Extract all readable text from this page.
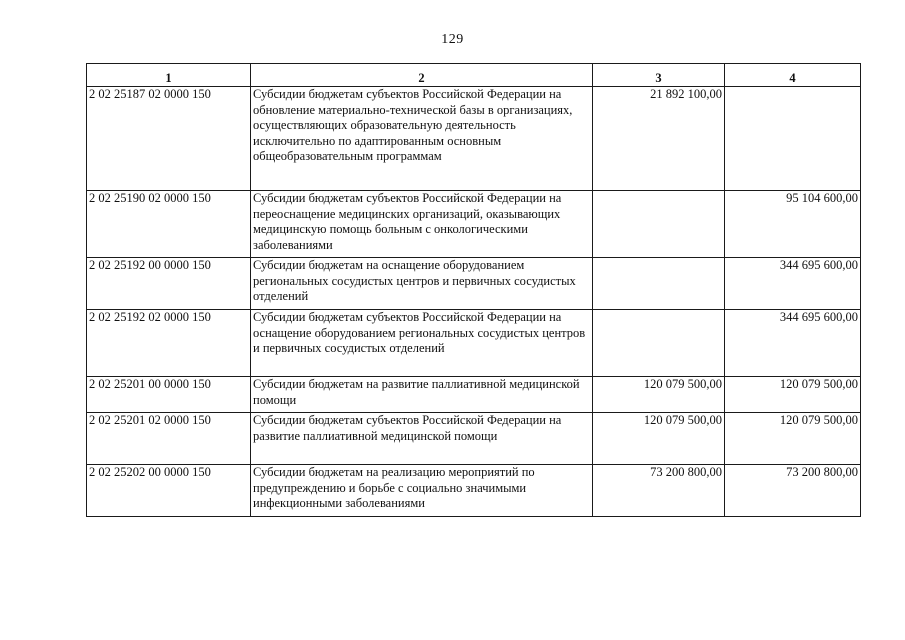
129
1	2	3	4
2 02 25187 02 0000 150	Субсидии бюджетам субъектов Российской Федерации на обновление материально-технической базы в организациях, осуществляющих образовательную деятельность исключительно по адаптированным основным общеобразовательным программам	21 892 100,00	
2 02 25190 02 0000 150	Субсидии бюджетам субъектов Российской Федерации на переоснащение медицинских организаций, оказывающих медицинскую помощь больным с онкологическими заболеваниями		95 104 600,00
2 02 25192 00 0000 150	Субсидии бюджетам на оснащение оборудованием региональных сосудистых центров и первичных сосудистых отделений		344 695 600,00
2 02 25192 02 0000 150	Субсидии бюджетам субъектов Российской Федерации на оснащение оборудованием региональных сосудистых центров и первичных сосудистых отделений		344 695 600,00
2 02 25201 00 0000 150	Субсидии бюджетам на развитие паллиативной медицинской помощи	120 079 500,00	120 079 500,00
2 02 25201 02 0000 150	Субсидии бюджетам субъектов Российской Федерации на развитие паллиативной медицинской помощи	120 079 500,00	120 079 500,00
2 02 25202 00 0000 150	Субсидии бюджетам на реализацию мероприятий по предупреждению и борьбе с социально значимыми инфекционными заболеваниями	73 200 800,00	73 200 800,00
